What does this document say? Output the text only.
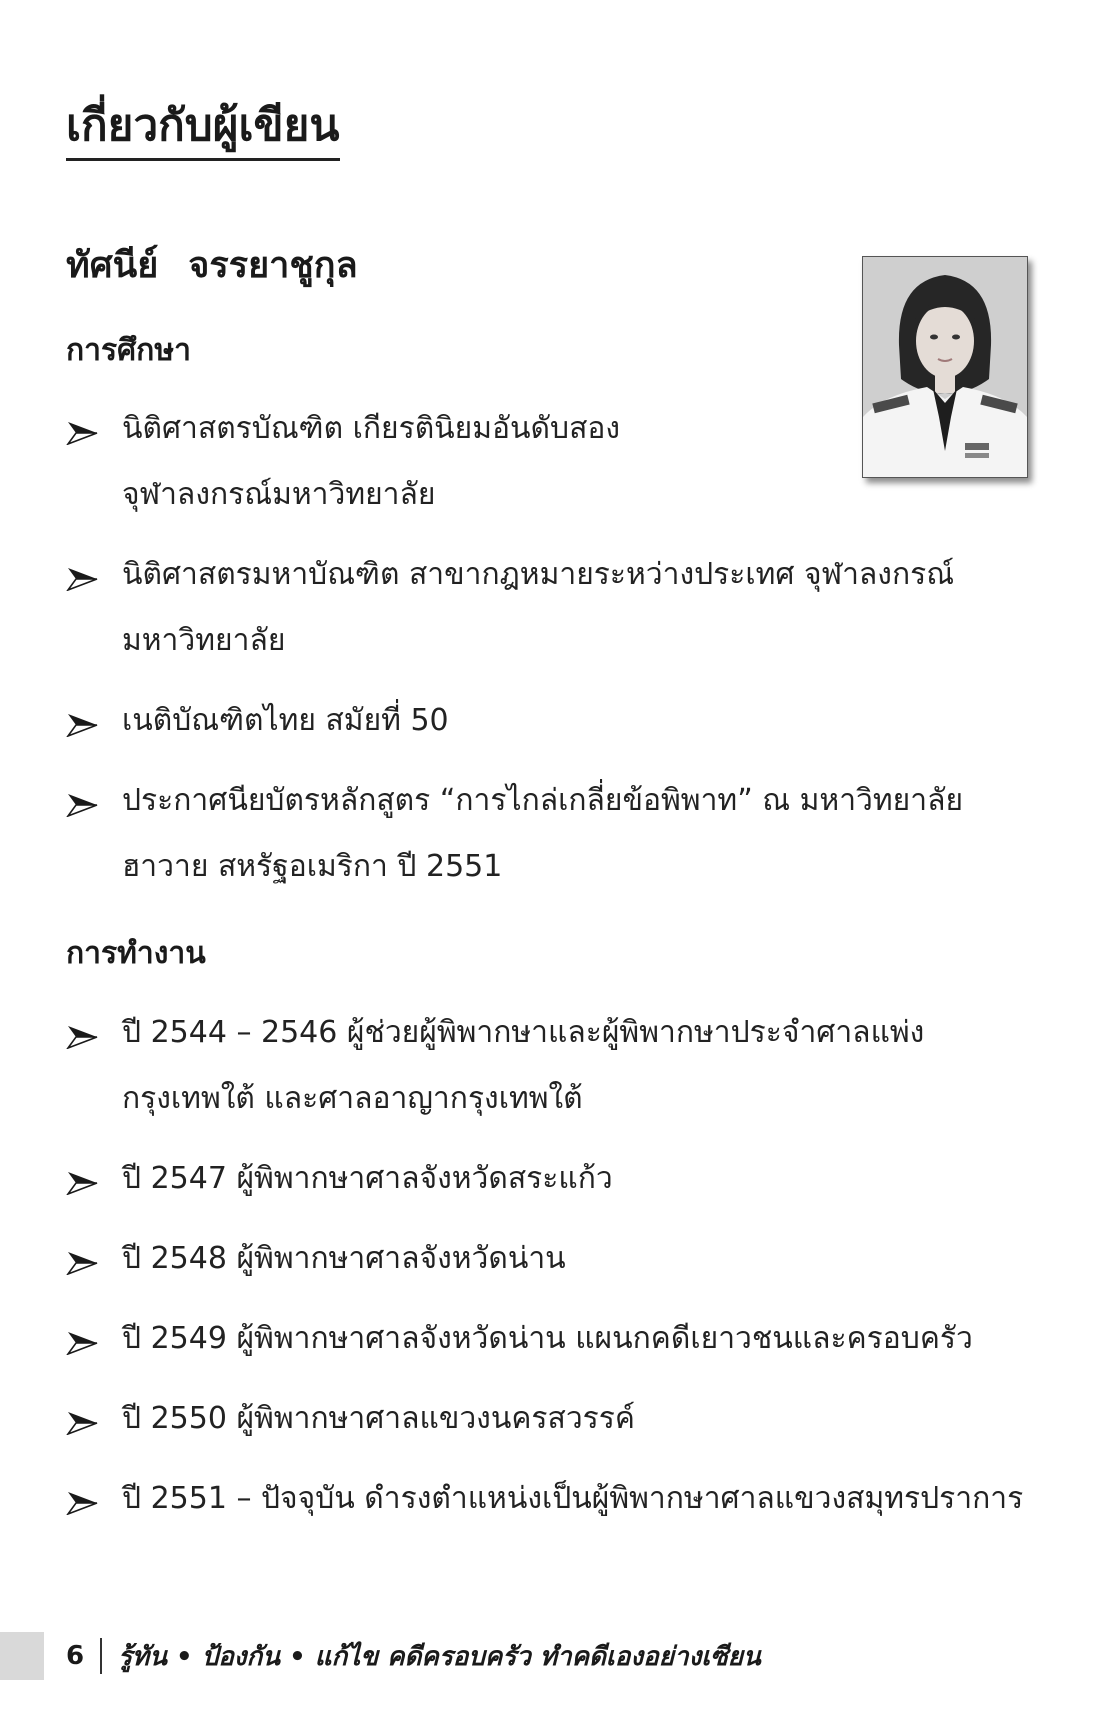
เกี่ยวกับผู้เขียน
ทัศนีย์ จรรยาชูกุล
การศึกษา
นิติศาสตรบัณฑิต เกียรตินิยมอันดับสอง
จุฬาลงกรณ์มหาวิทยาลัย
นิติศาสตรมหาบัณฑิต สาขากฎหมายระหว่างประเทศ จุฬาลงกรณ์
มหาวิทยาลัย
เนติบัณฑิตไทย สมัยที่ 50
ประกาศนียบัตรหลักสูตร “การไกล่เกลี่ยข้อพิพาท” ณ มหาวิทยาลัย
ฮาวาย สหรัฐอเมริกา ปี 2551
การทำงาน
ปี 2544 – 2546 ผู้ช่วยผู้พิพากษาและผู้พิพากษาประจำศาลแพ่ง
กรุงเทพใต้ และศาลอาญากรุงเทพใต้
ปี 2547 ผู้พิพากษาศาลจังหวัดสระแก้ว
ปี 2548 ผู้พิพากษาศาลจังหวัดน่าน
ปี 2549 ผู้พิพากษาศาลจังหวัดน่าน แผนกคดีเยาวชนและครอบครัว
ปี 2550 ผู้พิพากษาศาลแขวงนครสวรรค์
ปี 2551 – ปัจจุบัน ดำรงตำแหน่งเป็นผู้พิพากษาศาลแขวงสมุทรปราการ
6 รู้ทัน • ป้องกัน • แก้ไข คดีครอบครัว ทำคดีเองอย่างเซียน
